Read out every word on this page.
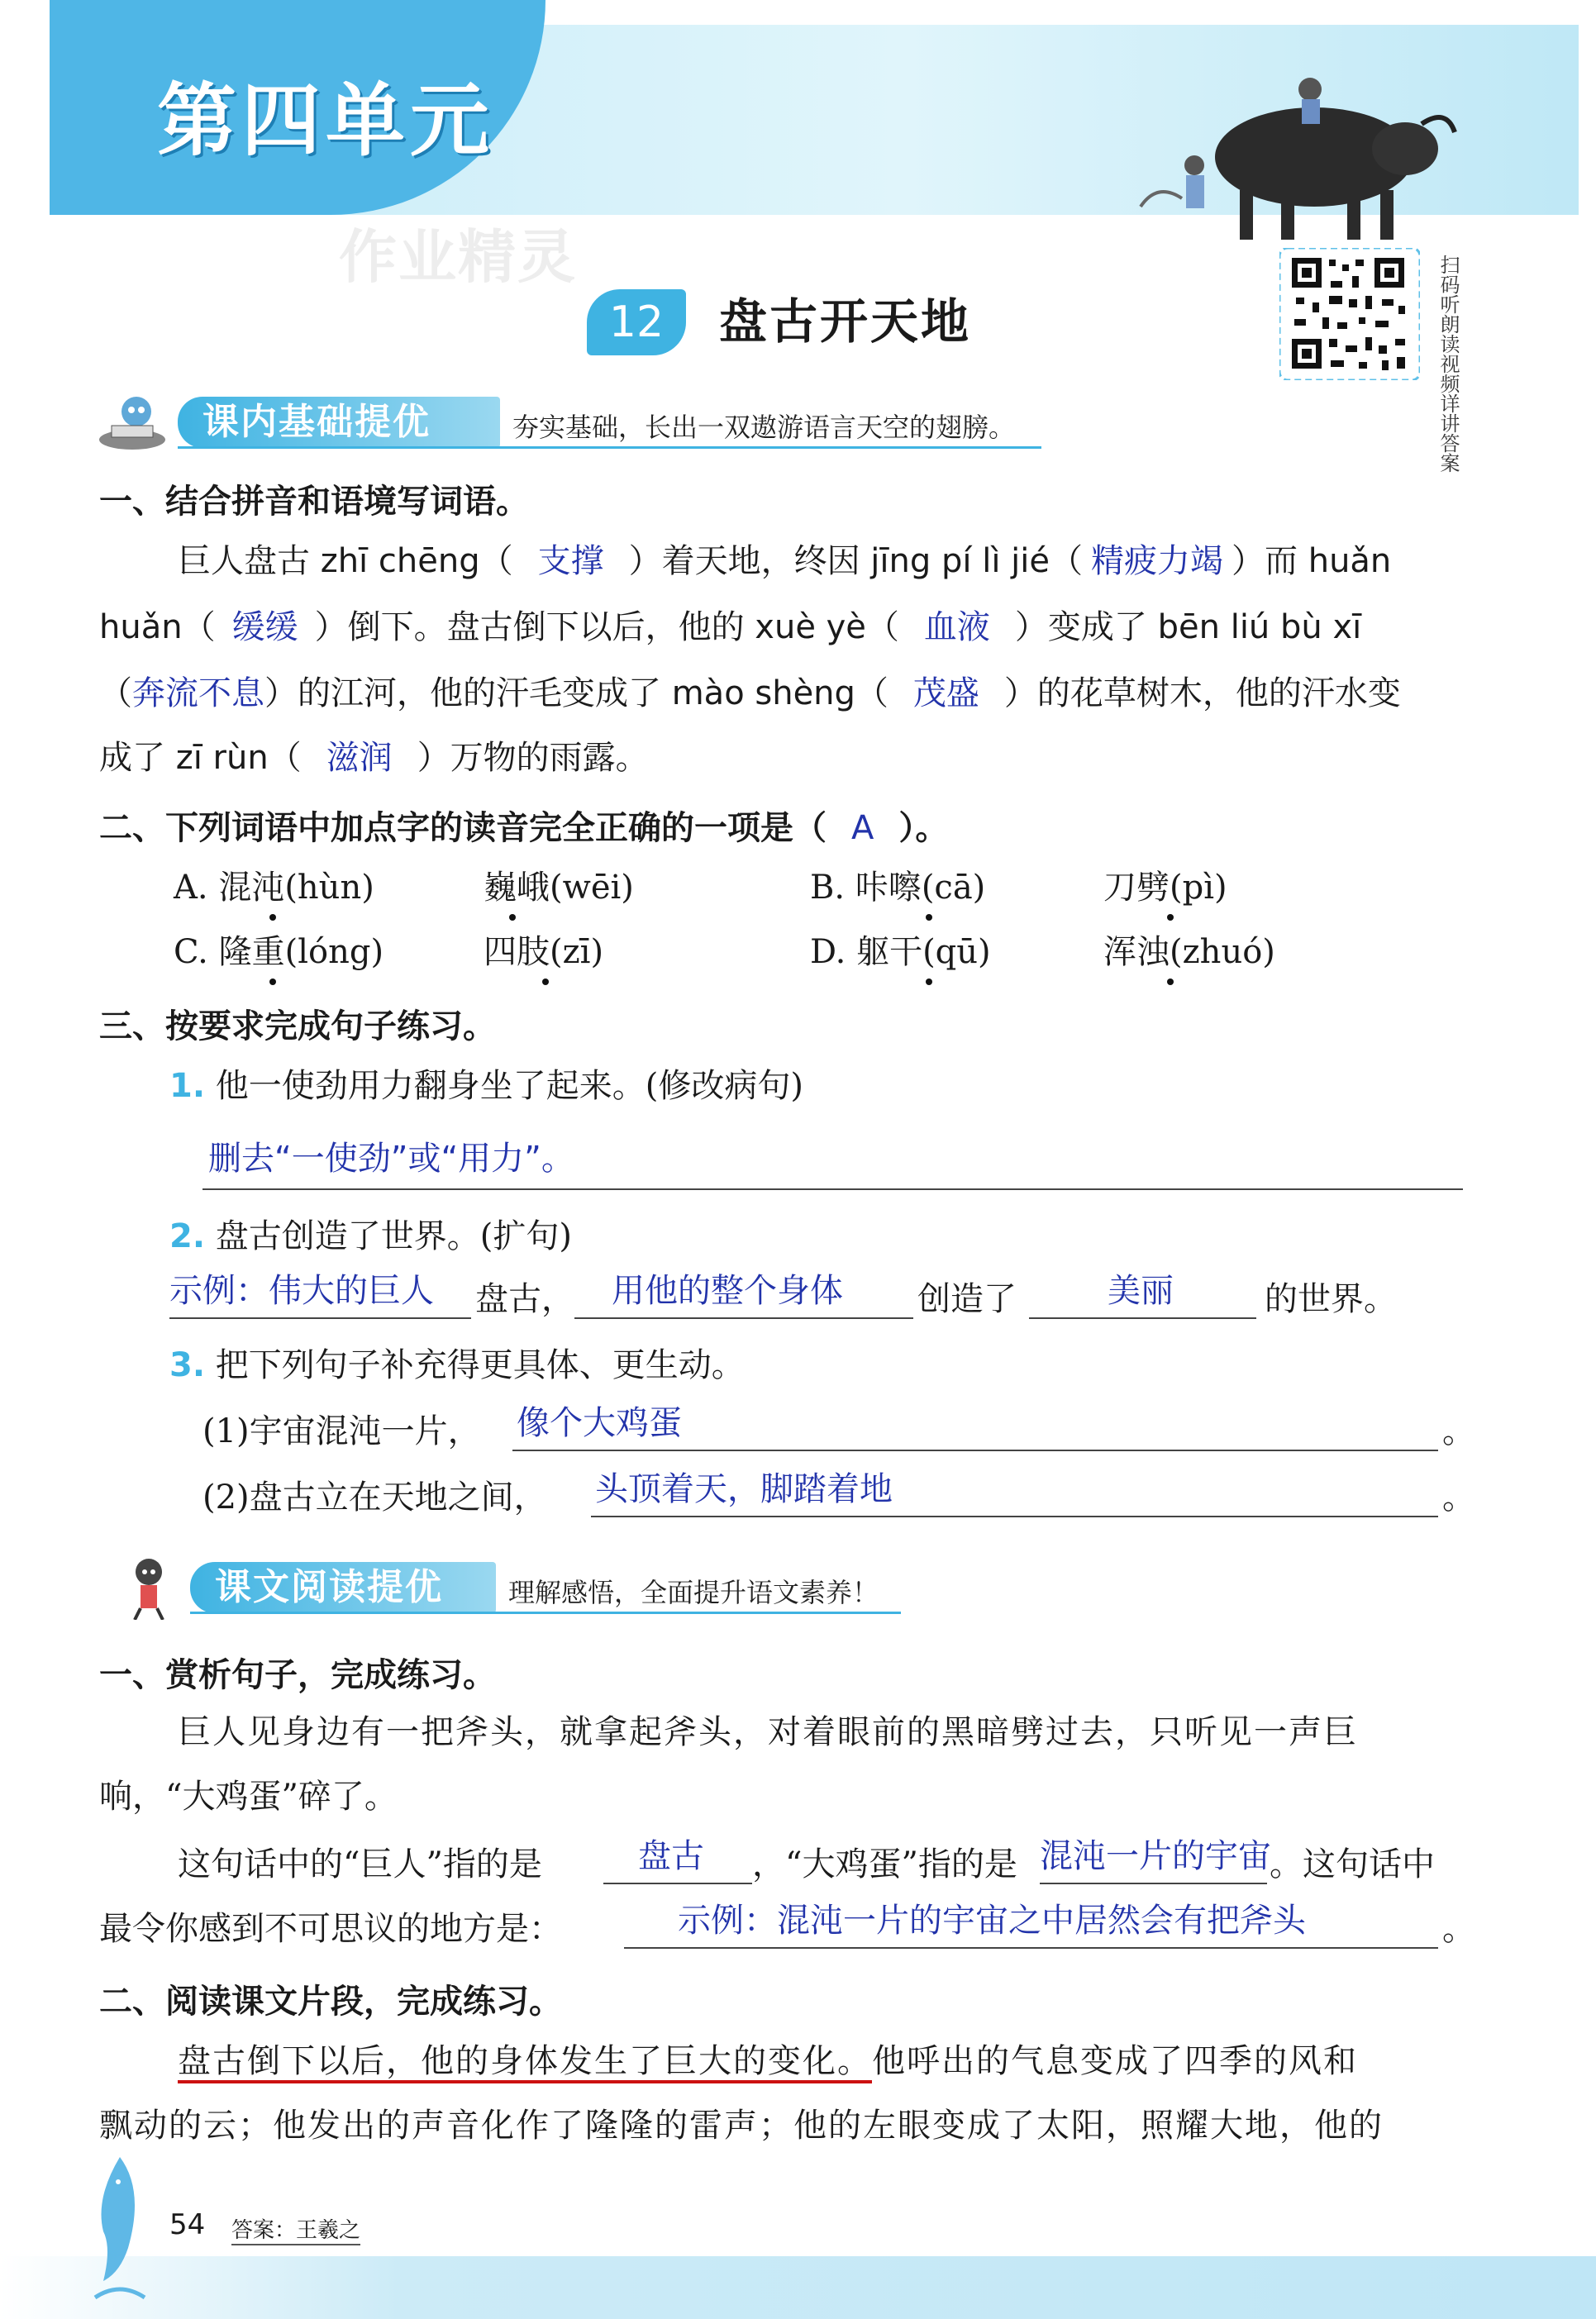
第四单元
作业精灵
12	盘古开天地	扫码听朗读视频详讲答案
课内基础提优	夯实基础，长出一双遨游语言天空的翅膀。
一、结合拼音和语境写词语。
巨人盘古 zhī chēng（ 支撑 ）着天地，终因 jīng pí lì jié（ 精疲力竭 ）而 huǎn
huǎn（ 缓缓 ）倒下。盘古倒下以后，他的 xuè yè（ 血液 ）变成了 bēn liú bù xī
（奔流不息）的江河，他的汗毛变成了 mào shèng（ 茂盛 ）的花草树木，他的汗水变
成了 zī rùn（ 滋润 ）万物的雨露。
二、下列词语中加点字的读音完全正确的一项是（ A ）。
A. 混沌(hùn)	巍峨(wēi)	B. 咔嚓(cā)	刀劈(pì)
C. 隆重(lóng)	四肢(zī)	D. 躯干(qū)	浑浊(zhuó)
三、按要求完成句子练习。
1. 他一使劲用力翻身坐了起来。(修改病句)
删去“一使劲”或“用力”。
2. 盘古创造了世界。(扩句)
示例：伟大的巨人 盘古， 用他的整个身体 创造了	美丽	的世界。
3. 把下列句子补充得更具体、更生动。
(1)宇宙混沌一片， 像个大鸡蛋	。
(2)盘古立在天地之间， 头顶着天，脚踏着地	。
课文阅读提优	理解感悟，全面提升语文素养！
一、赏析句子，完成练习。
巨人见身边有一把斧头，就拿起斧头，对着眼前的黑暗劈过去，只听见一声巨
响，“大鸡蛋”碎了。
这句话中的“巨人”指的是	盘古 ，“大鸡蛋”指的是 混沌一片的宇宙
。这句话中
最令你感到不可思议的地方是：	示例：混沌一片的宇宙之中居然会有把斧头	。
二、阅读课文片段，完成练习。
盘古倒下以后，他的身体发生了巨大的变化。他呼出的气息变成了四季的风和
飘动的云；他发出的声音化作了隆隆的雷声；他的左眼变成了太阳，照耀大地，他的
54 答案：王羲之
